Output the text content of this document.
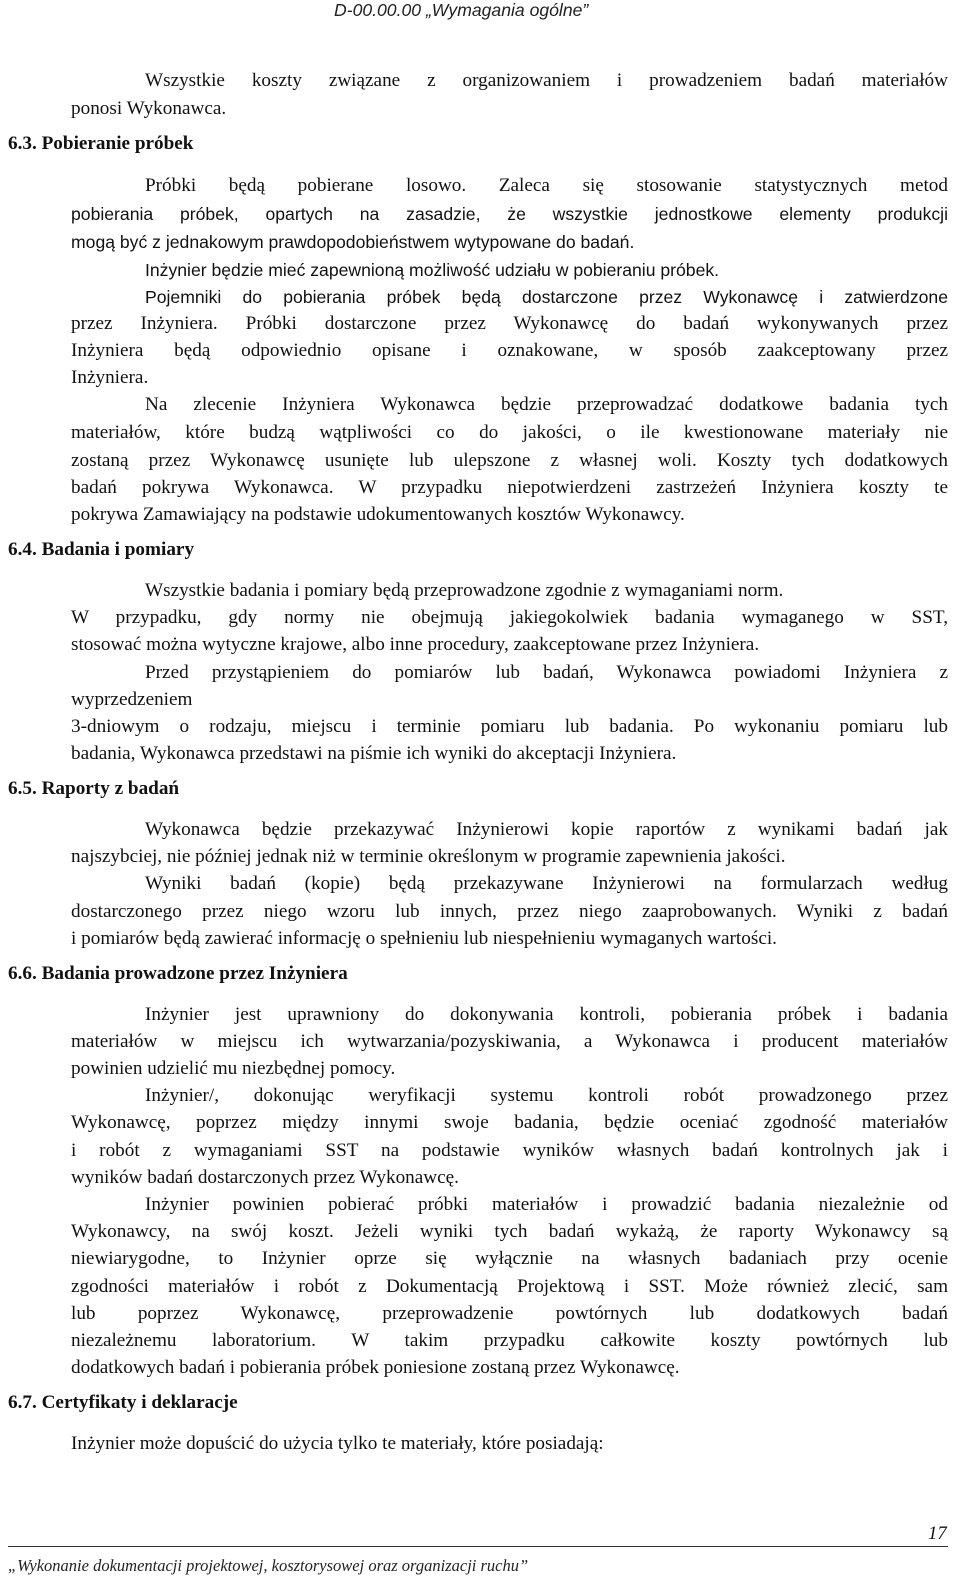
D-00.00.00 „Wymagania ogólne”
Wszystkie koszty związane z organizowaniem i prowadzeniem badań materiałów
ponosi Wykonawca.
6.3. Pobieranie próbek
Próbki będą pobierane losowo. Zaleca się stosowanie statystycznych metod
pobierania próbek, opartych na zasadzie, że wszystkie jednostkowe elementy produkcji
mogą być z jednakowym prawdopodobieństwem wytypowane do badań.
Inżynier będzie mieć zapewnioną możliwość udziału w pobieraniu próbek.
Pojemniki do pobierania próbek będą dostarczone przez Wykonawcę i zatwierdzone
przez Inżyniera. Próbki dostarczone przez Wykonawcę do badań wykonywanych przez
Inżyniera będą odpowiednio opisane i oznakowane, w sposób zaakceptowany przez
Inżyniera.
Na zlecenie Inżyniera Wykonawca będzie przeprowadzać dodatkowe badania tych
materiałów, które budzą wątpliwości co do jakości, o ile kwestionowane materiały nie
zostaną przez Wykonawcę usunięte lub ulepszone z własnej woli. Koszty tych dodatkowych
badań pokrywa Wykonawca. W przypadku niepotwierdzeni zastrzeżeń Inżyniera koszty te
pokrywa Zamawiający na podstawie udokumentowanych kosztów Wykonawcy.
6.4. Badania i pomiary
Wszystkie badania i pomiary będą przeprowadzone zgodnie z wymaganiami norm.
W przypadku, gdy normy nie obejmują jakiegokolwiek badania wymaganego w SST,
stosować można wytyczne krajowe, albo inne procedury, zaakceptowane przez Inżyniera.
Przed przystąpieniem do pomiarów lub badań, Wykonawca powiadomi Inżyniera z
wyprzedzeniem
3-dniowym o rodzaju, miejscu i terminie pomiaru lub badania. Po wykonaniu pomiaru lub
badania, Wykonawca przedstawi na piśmie ich wyniki do akceptacji Inżyniera.
6.5. Raporty z badań
Wykonawca będzie przekazywać Inżynierowi kopie raportów z wynikami badań jak
najszybciej, nie później jednak niż w terminie określonym w programie zapewnienia jakości.
Wyniki badań (kopie) będą przekazywane Inżynierowi na formularzach według
dostarczonego przez niego wzoru lub innych, przez niego zaaprobowanych. Wyniki z badań
i pomiarów będą zawierać informację o spełnieniu lub niespełnieniu wymaganych wartości.
6.6. Badania prowadzone przez Inżyniera
Inżynier jest uprawniony do dokonywania kontroli, pobierania próbek i badania
materiałów w miejscu ich wytwarzania/pozyskiwania, a Wykonawca i producent materiałów
powinien udzielić mu niezbędnej pomocy.
Inżynier/, dokonując weryfikacji systemu kontroli robót prowadzonego przez
Wykonawcę, poprzez między innymi swoje badania, będzie oceniać zgodność materiałów
i robót z wymaganiami SST na podstawie wyników własnych badań kontrolnych jak i
wyników badań dostarczonych przez Wykonawcę.
Inżynier powinien pobierać próbki materiałów i prowadzić badania niezależnie od
Wykonawcy, na swój koszt. Jeżeli wyniki tych badań wykażą, że raporty Wykonawcy są
niewiarygodne, to Inżynier oprze się wyłącznie na własnych badaniach przy ocenie
zgodności materiałów i robót z Dokumentacją Projektową i SST. Może również zlecić, sam
lub poprzez Wykonawcę, przeprowadzenie powtórnych lub dodatkowych badań
niezależnemu laboratorium. W takim przypadku całkowite koszty powtórnych lub
dodatkowych badań i pobierania próbek poniesione zostaną przez Wykonawcę.
6.7. Certyfikaty i deklaracje
Inżynier może dopuścić do użycia tylko te materiały, które posiadają:
17
„Wykonanie dokumentacji projektowej, kosztorysowej oraz organizacji ruchu”
